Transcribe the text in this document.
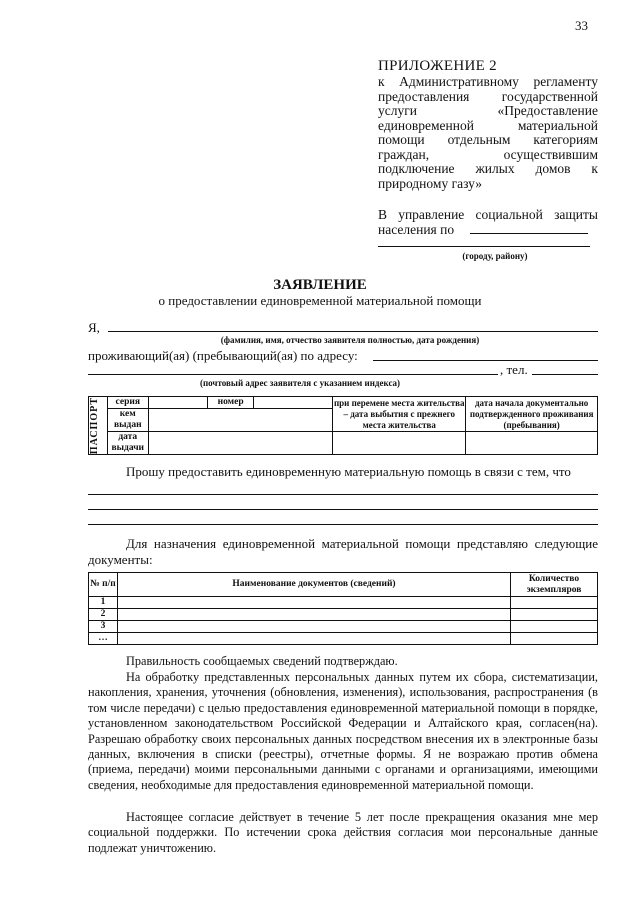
33
ПРИЛОЖЕНИЕ 2
к Административному регламенту предоставления государственной услуги «Предоставление единовременной материальной помощи отдельным категориям граждан, осуществившим подключение жилых домов к природному газу»
В управление социальной защиты населения по
(городу, району)
ЗАЯВЛЕНИЕ
о предоставлении единовременной материальной помощи
Я,
(фамилия, имя, отчество заявителя полностью, дата рождения)
проживающий(ая) (пребывающий(ая) по адресу:
, тел.
(почтовый адрес заявителя с указанием индекса)
ПАСПОРТ	серия		номер		при перемене места жительства – дата выбытия с прежнего места жительства	дата начала документально подтвержденного проживания (пребывания)
	кем выдан					
	дата выдачи					
Прошу предоставить единовременную материальную помощь в связи с тем, что
Для назначения единовременной материальной помощи представляю следующие документы:
№ п/п	Наименование документов (сведений)	Количество экземпляров
1		
2		
3		
…		
Правильность сообщаемых сведений подтверждаю.
На обработку представленных персональных данных путем их сбора, систематизации, накопления, хранения, уточнения (обновления, изменения), использования, распространения (в том числе передачи) с целью предоставления единовременной материальной помощи в порядке, установленном законодательством Российской Федерации и Алтайского края, согласен(на). Разрешаю обработку своих персональных данных посредством внесения их в электронные базы данных, включения в списки (реестры), отчетные формы. Я не возражаю против обмена (приема, передачи) моими персональными данными с органами и организациями, имеющими сведения, необходимые для предоставления единовременной материальной помощи.
Настоящее согласие действует в течение 5 лет после прекращения оказания мне мер социальной поддержки. По истечении срока действия согласия мои персональные данные подлежат уничтожению.
